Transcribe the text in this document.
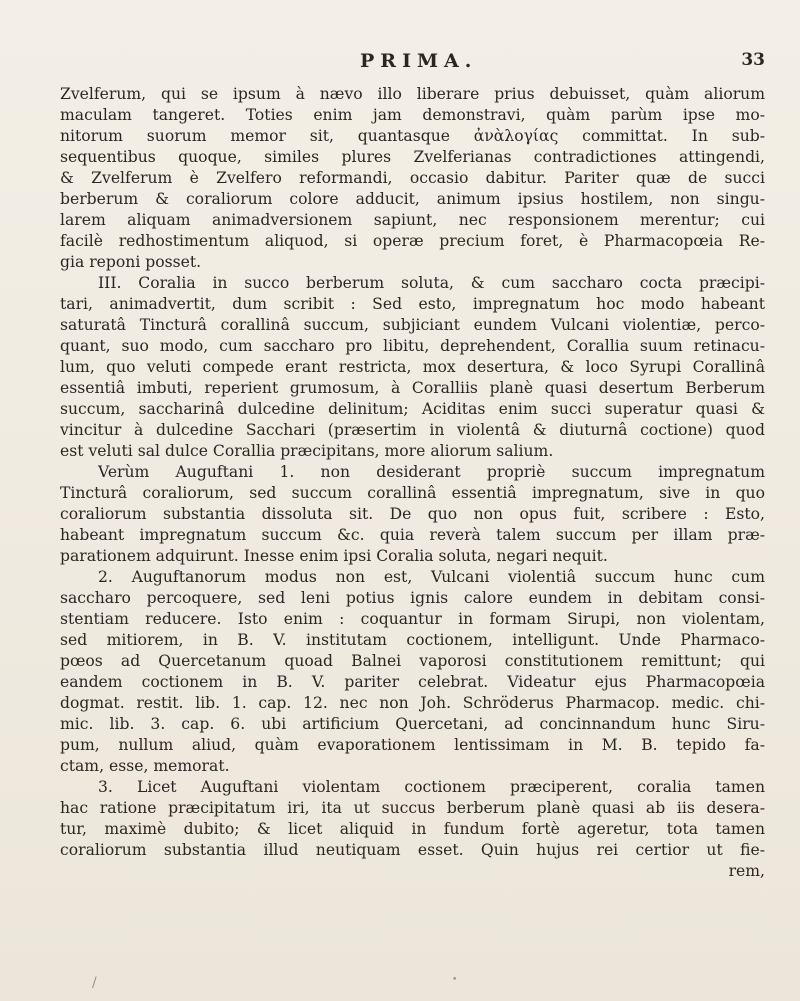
PRIMA.	33
Zvelferum, qui se ipsum à nævo illo liberare prius debuisset, quàm aliorum
maculam tangeret. Toties enim jam demonstravi, quàm parùm ipse mo-
nitorum suorum memor sit, quantasque ἀνὰλογίας committat. In sub-
sequentibus quoque, similes plures Zvelferianas contradictiones attingendi,
& Zvelferum è Zvelfero reformandi, occasio dabitur. Pariter quæ de succi
berberum & coraliorum colore adducit, animum ipsius hostilem, non singu-
larem aliquam animadversionem sapiunt, nec responsionem merentur; cui
facilè redhostimentum aliquod, si operæ precium foret, è Pharmacopœia Re-
gia reponi posset.
III. Coralia in succo berberum soluta, & cum saccharo cocta præcipi-
tari, animadvertit, dum scribit : Sed esto, impregnatum hoc modo habeant
saturatâ Tincturâ corallinâ succum, subjiciant eundem Vulcani violentiæ, perco-
quant, suo modo, cum saccharo pro libitu, deprehendent, Corallia suum retinacu-
lum, quo veluti compede erant restricta, mox desertura, & loco Syrupi Corallinâ
essentiâ imbuti, reperient grumosum, à Coralliis planè quasi desertum Berberum
succum, saccharinâ dulcedine delinitum; Aciditas enim succi superatur quasi &
vincitur à dulcedine Sacchari (præsertim in violentâ & diuturnâ coctione) quod
est veluti sal dulce Corallia præcipitans, more aliorum salium.
Verùm Auguftani 1. non desiderant propriè succum impregnatum
Tincturâ coraliorum, sed succum corallinâ essentiâ impregnatum, sive in quo
coraliorum substantia dissoluta sit. De quo non opus fuit, scribere : Esto,
habeant impregnatum succum &c. quia reverà talem succum per illam præ-
parationem adquirunt. Inesse enim ipsi Coralia soluta, negari nequit.
2. Auguftanorum modus non est, Vulcani violentiâ succum hunc cum
saccharo percoquere, sed leni potius ignis calore eundem in debitam consi-
stentiam reducere. Isto enim : coquantur in formam Sirupi, non violentam,
sed mitiorem, in B. V. institutam coctionem, intelligunt. Unde Pharmaco-
pœos ad Quercetanum quoad Balnei vaporosi constitutionem remittunt; qui
eandem coctionem in B. V. pariter celebrat. Videatur ejus Pharmacopœia
dogmat. restit. lib. 1. cap. 12. nec non Joh. Schröderus Pharmacop. medic. chi-
mic. lib. 3. cap. 6. ubi artificium Quercetani, ad concinnandum hunc Siru-
pum, nullum aliud, quàm evaporationem lentissimam in M. B. tepido fa-
ctam, esse, memorat.
3. Licet Auguftani violentam coctionem præciperent, coralia tamen
hac ratione præcipitatum iri, ita ut succus berberum planè quasi ab iis desera-
tur, maximè dubito; & licet aliquid in fundum fortè ageretur, tota tamen
coraliorum substantia illud neutiquam esset. Quin hujus rei certior ut fie-
rem,
/	•
